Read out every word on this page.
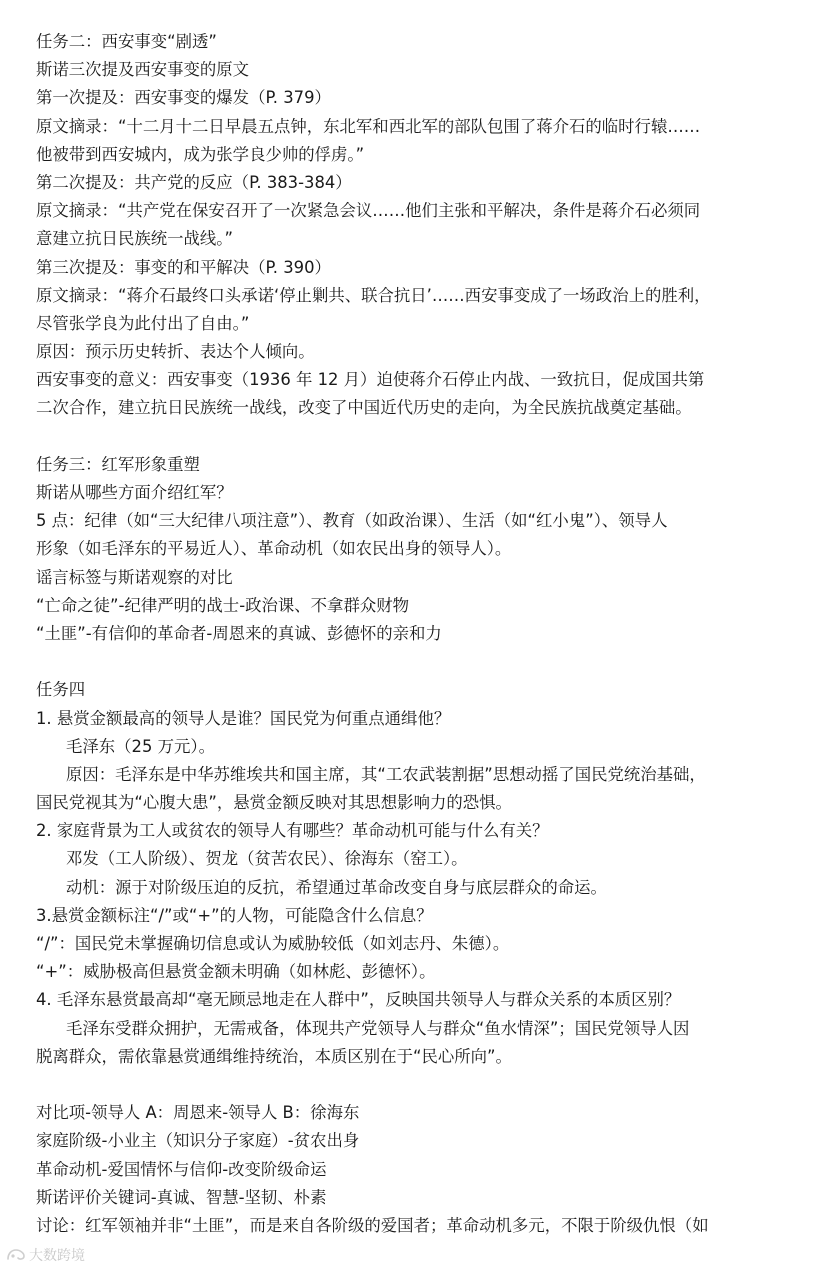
任务二：西安事变“剧透”
斯诺三次提及西安事变的原文
第一次提及：西安事变的爆发（P. 379）
原文摘录：“十二月十二日早晨五点钟，东北军和西北军的部队包围了蒋介石的临时行辕……
他被带到西安城内，成为张学良少帅的俘虏。”
第二次提及：共产党的反应（P. 383-384）
原文摘录：“共产党在保安召开了一次紧急会议……他们主张和平解决，条件是蒋介石必须同
意建立抗日民族统一战线。”
第三次提及：事变的和平解决（P. 390）
原文摘录：“蒋介石最终口头承诺‘停止剿共、联合抗日’……西安事变成了一场政治上的胜利，
尽管张学良为此付出了自由。”
原因：预示历史转折、表达个人倾向。
西安事变的意义：西安事变（1936 年 12 月）迫使蒋介石停止内战、一致抗日，促成国共第
二次合作，建立抗日民族统一战线，改变了中国近代历史的走向，为全民族抗战奠定基础。
任务三：红军形象重塑
斯诺从哪些方面介绍红军？
5 点：纪律（如“三大纪律八项注意”）、教育（如政治课）、生活（如“红小鬼”）、领导人
形象（如毛泽东的平易近人）、革命动机（如农民出身的领导人）。
谣言标签与斯诺观察的对比
“亡命之徒”-纪律严明的战士-政治课、不拿群众财物
“土匪”-有信仰的革命者-周恩来的真诚、彭德怀的亲和力
任务四
1. 悬赏金额最高的领导人是谁？国民党为何重点通缉他？
毛泽东（25 万元）。
原因：毛泽东是中华苏维埃共和国主席，其“工农武装割据”思想动摇了国民党统治基础，
国民党视其为“心腹大患”，悬赏金额反映对其思想影响力的恐惧。
2. 家庭背景为工人或贫农的领导人有哪些？革命动机可能与什么有关？
邓发（工人阶级）、贺龙（贫苦农民）、徐海东（窑工）。
动机：源于对阶级压迫的反抗，希望通过革命改变自身与底层群众的命运。
3.悬赏金额标注“/”或“+”的人物，可能隐含什么信息？
“/”：国民党未掌握确切信息或认为威胁较低（如刘志丹、朱德）。
“+”：威胁极高但悬赏金额未明确（如林彪、彭德怀）。
4. 毛泽东悬赏最高却“毫无顾忌地走在人群中”，反映国共领导人与群众关系的本质区别？
毛泽东受群众拥护，无需戒备，体现共产党领导人与群众“鱼水情深”；国民党领导人因
脱离群众，需依靠悬赏通缉维持统治，本质区别在于“民心所向”。
对比项-领导人 A：周恩来-领导人 B：徐海东
家庭阶级-小业主（知识分子家庭）-贫农出身
革命动机-爱国情怀与信仰-改变阶级命运
斯诺评价关键词-真诚、智慧-坚韧、朴素
讨论：红军领袖并非“土匪”，而是来自各阶级的爱国者；革命动机多元，不限于阶级仇恨（如
大数跨境
